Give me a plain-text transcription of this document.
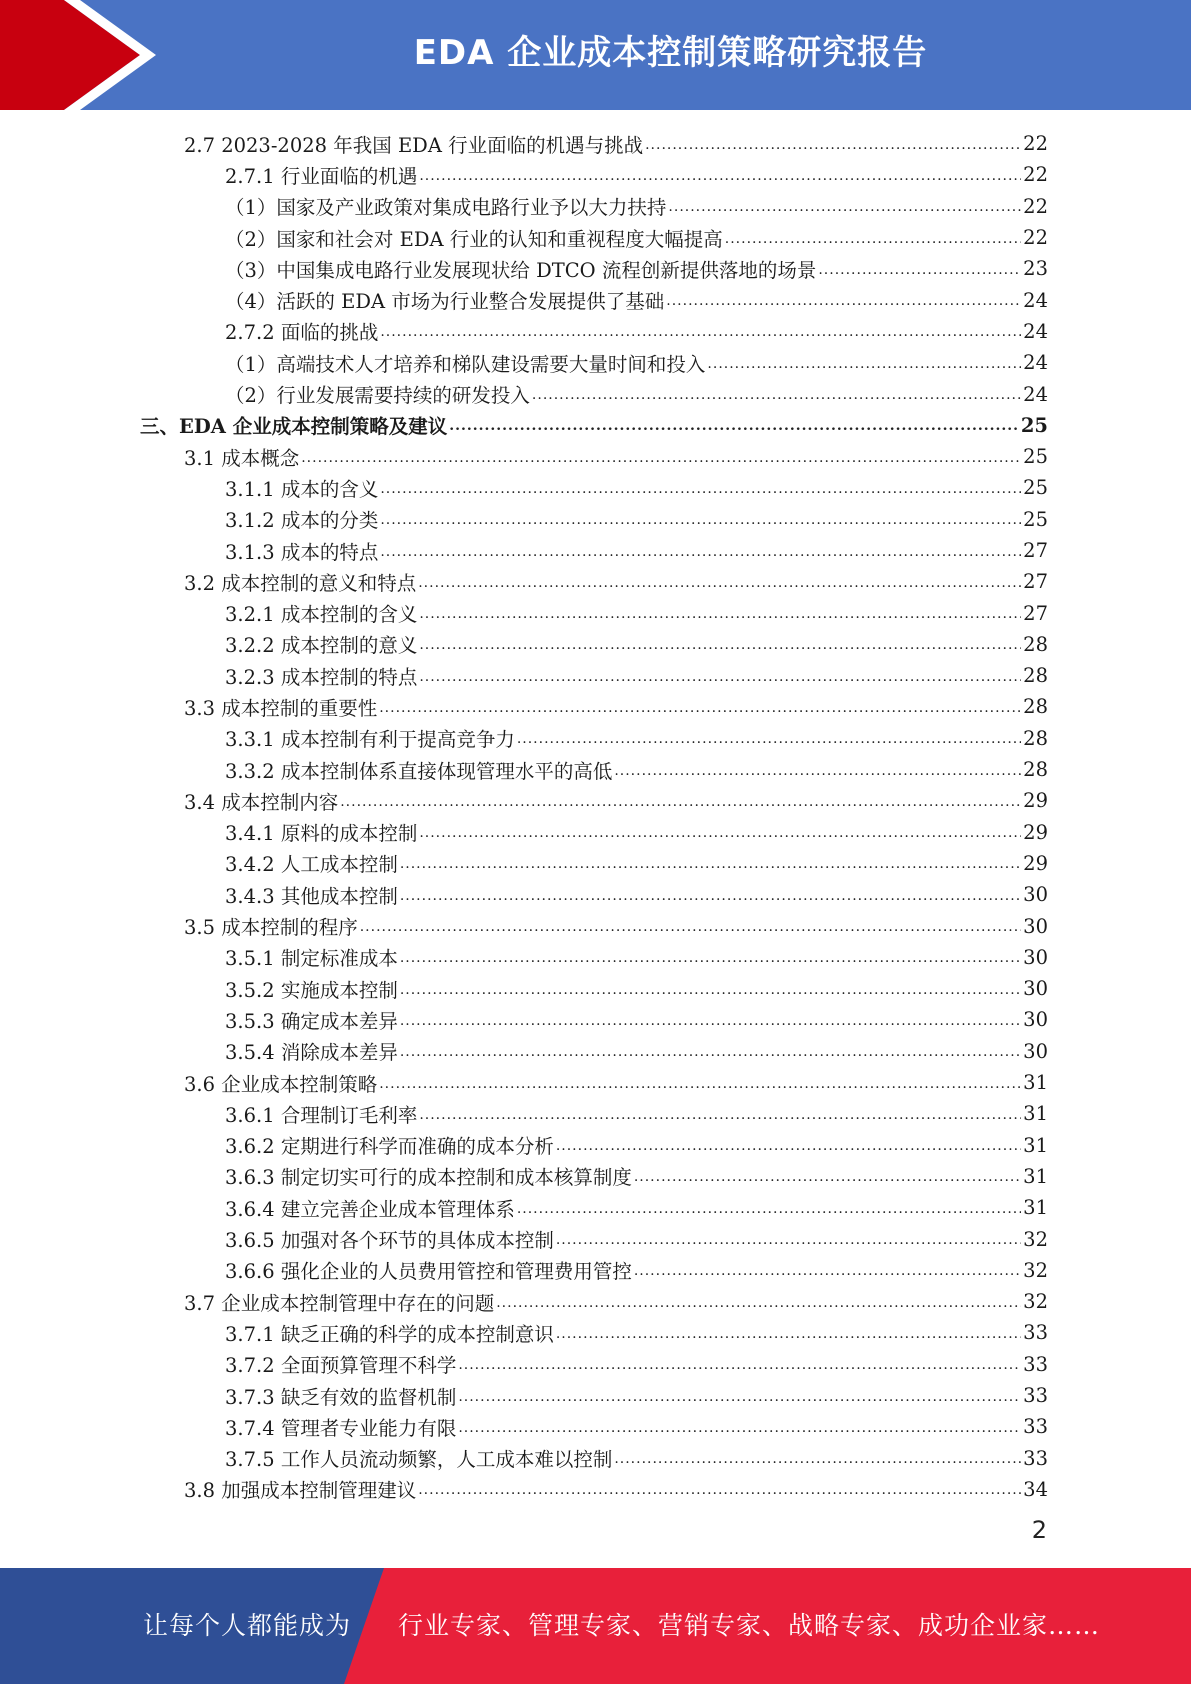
EDA 企业成本控制策略研究报告
2.7 2023-2028 年我国 EDA 行业面临的机遇与挑战 .....	22
2.7.1 行业面临的机遇 .....	22
（1）国家及产业政策对集成电路行业予以大力扶持 .....	22
（2）国家和社会对 EDA 行业的认知和重视程度大幅提高 .....	22
（3）中国集成电路行业发展现状给 DTCO 流程创新提供落地的场景 .....	23
（4）活跃的 EDA 市场为行业整合发展提供了基础 .....	24
2.7.2 面临的挑战 .....	24
（1）高端技术人才培养和梯队建设需要大量时间和投入 .....	24
（2）行业发展需要持续的研发投入 .....	24
三、EDA 企业成本控制策略及建议 .....	25
3.1 成本概念 .....	25
3.1.1 成本的含义 .....	25
3.1.2 成本的分类 .....	25
3.1.3 成本的特点 .....	27
3.2 成本控制的意义和特点 .....	27
3.2.1 成本控制的含义 .....	27
3.2.2 成本控制的意义 .....	28
3.2.3 成本控制的特点 .....	28
3.3 成本控制的重要性 .....	28
3.3.1 成本控制有利于提高竞争力 .....	28
3.3.2 成本控制体系直接体现管理水平的高低 .....	28
3.4 成本控制内容 .....	29
3.4.1 原料的成本控制 .....	29
3.4.2 人工成本控制 .....	29
3.4.3 其他成本控制 .....	30
3.5 成本控制的程序 .....	30
3.5.1 制定标准成本 .....	30
3.5.2 实施成本控制 .....	30
3.5.3 确定成本差异 .....	30
3.5.4 消除成本差异 .....	30
3.6 企业成本控制策略 .....	31
3.6.1 合理制订毛利率 .....	31
3.6.2 定期进行科学而准确的成本分析 .....	31
3.6.3 制定切实可行的成本控制和成本核算制度 .....	31
3.6.4 建立完善企业成本管理体系 .....	31
3.6.5 加强对各个环节的具体成本控制 .....	32
3.6.6 强化企业的人员费用管控和管理费用管控 .....	32
3.7 企业成本控制管理中存在的问题 .....	32
3.7.1 缺乏正确的科学的成本控制意识 .....	33
3.7.2 全面预算管理不科学 .....	33
3.7.3 缺乏有效的监督机制 .....	33
3.7.4 管理者专业能力有限 .....	33
3.7.5 工作人员流动频繁，人工成本难以控制 .....	33
3.8 加强成本控制管理建议 .....	34
2
让每个人都能成为 行业专家、管理专家、营销专家、战略专家、成功企业家……
